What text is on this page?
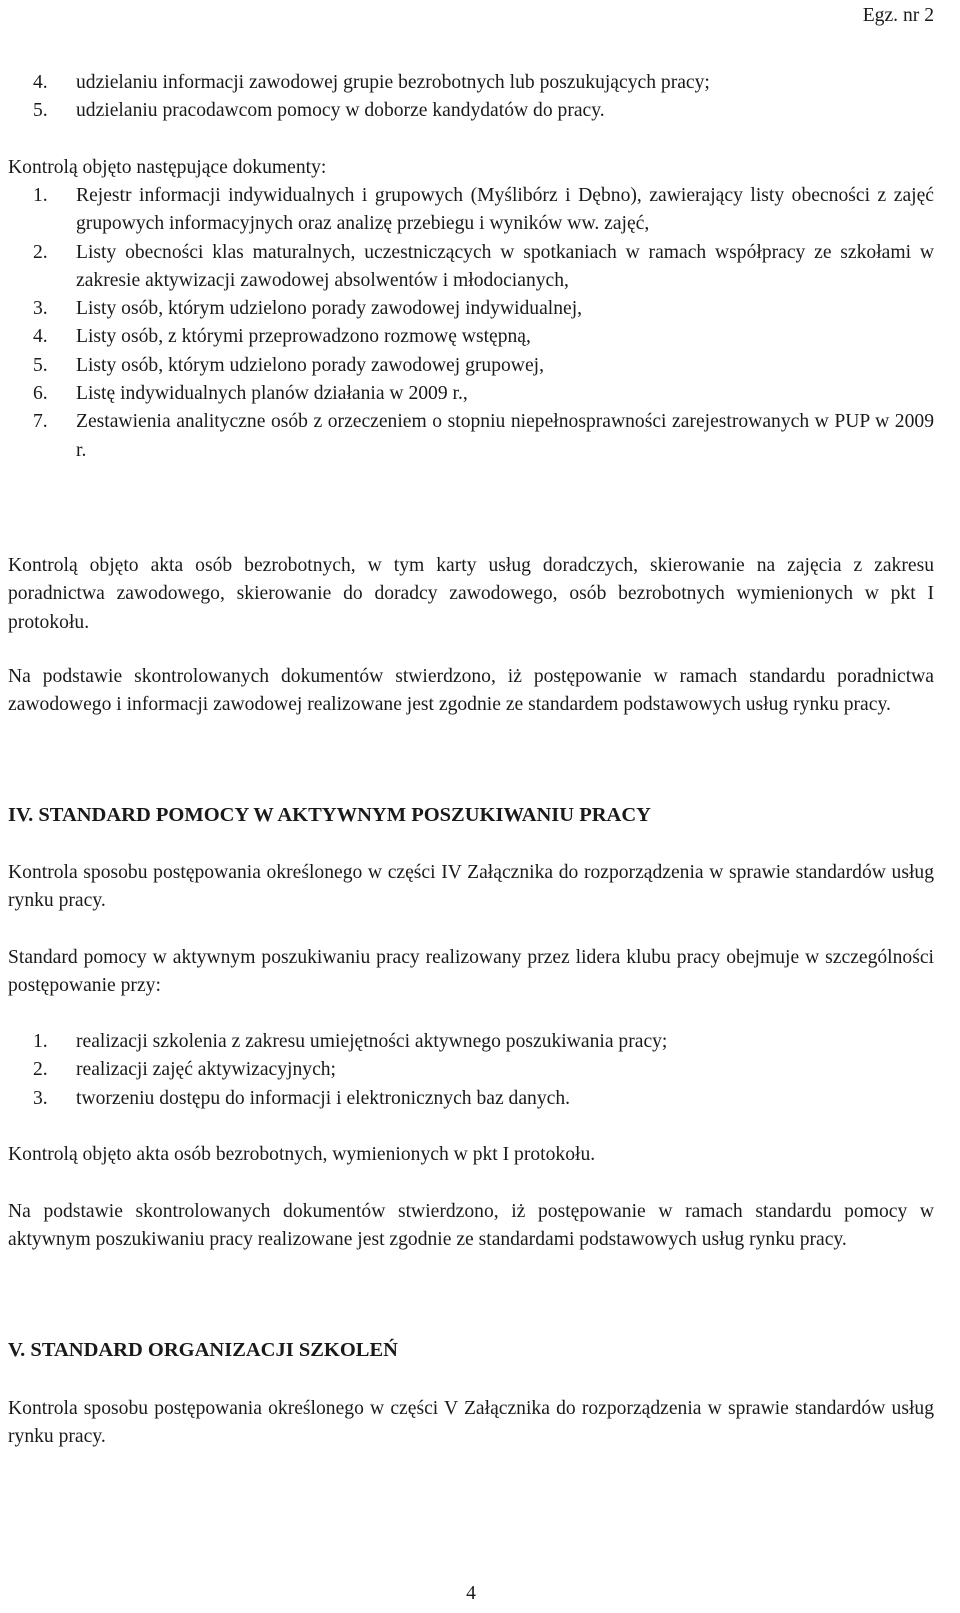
Egz. nr 2
4. udzielaniu informacji zawodowej grupie bezrobotnych lub poszukujących pracy;
5. udzielaniu pracodawcom pomocy w doborze kandydatów do pracy.

Kontrolą objęto następujące dokumenty:

1. Rejestr informacji indywidualnych i grupowych (Myślibórz i Dębno), zawierający listy obecności z zajęć grupowych informacyjnych oraz analizę przebiegu i wyników ww. zajęć,
2. Listy obecności klas maturalnych, uczestniczących w spotkaniach w ramach współpracy ze szkołami w zakresie aktywizacji zawodowej absolwentów i młodocianych,
3. Listy osób, którym udzielono porady zawodowej indywidualnej,
4. Listy osób, z którymi przeprowadzono rozmowę wstępną,
5. Listy osób, którym udzielono porady zawodowej grupowej,
6. Listę indywidualnych planów działania w 2009 r.,
7. Zestawienia analityczne osób z orzeczeniem o stopniu niepełnosprawności zarejestrowanych w PUP w 2009 r.

Kontrolą objęto akta osób bezrobotnych, w tym karty usług doradczych, skierowanie na zajęcia z zakresu poradnictwa zawodowego, skierowanie do doradcy zawodowego, osób bezrobotnych wymienionych w pkt I protokołu.

Na podstawie skontrolowanych dokumentów stwierdzono, iż postępowanie w ramach standardu poradnictwa zawodowego i informacji zawodowej realizowane jest zgodnie ze standardem podstawowych usług rynku pracy.

IV. STANDARD POMOCY W AKTYWNYM POSZUKIWANIU PRACY

Kontrola sposobu postępowania określonego w części IV Załącznika do rozporządzenia w sprawie standardów usług rynku pracy.

Standard pomocy w aktywnym poszukiwaniu pracy realizowany przez lidera klubu pracy obejmuje w szczególności postępowanie przy:

1. realizacji szkolenia z zakresu umiejętności aktywnego poszukiwania pracy;
2. realizacji zajęć aktywizacyjnych;
3. tworzeniu dostępu do informacji i elektronicznych baz danych.

Kontrolą objęto akta osób bezrobotnych, wymienionych w pkt I protokołu.

Na podstawie skontrolowanych dokumentów stwierdzono, iż postępowanie w ramach standardu pomocy w aktywnym poszukiwaniu pracy realizowane jest zgodnie ze standardami podstawowych usług rynku pracy.

V. STANDARD ORGANIZACJI SZKOLEŃ

Kontrola sposobu postępowania określonego w części V Załącznika do rozporządzenia w sprawie standardów usług rynku pracy.

4
